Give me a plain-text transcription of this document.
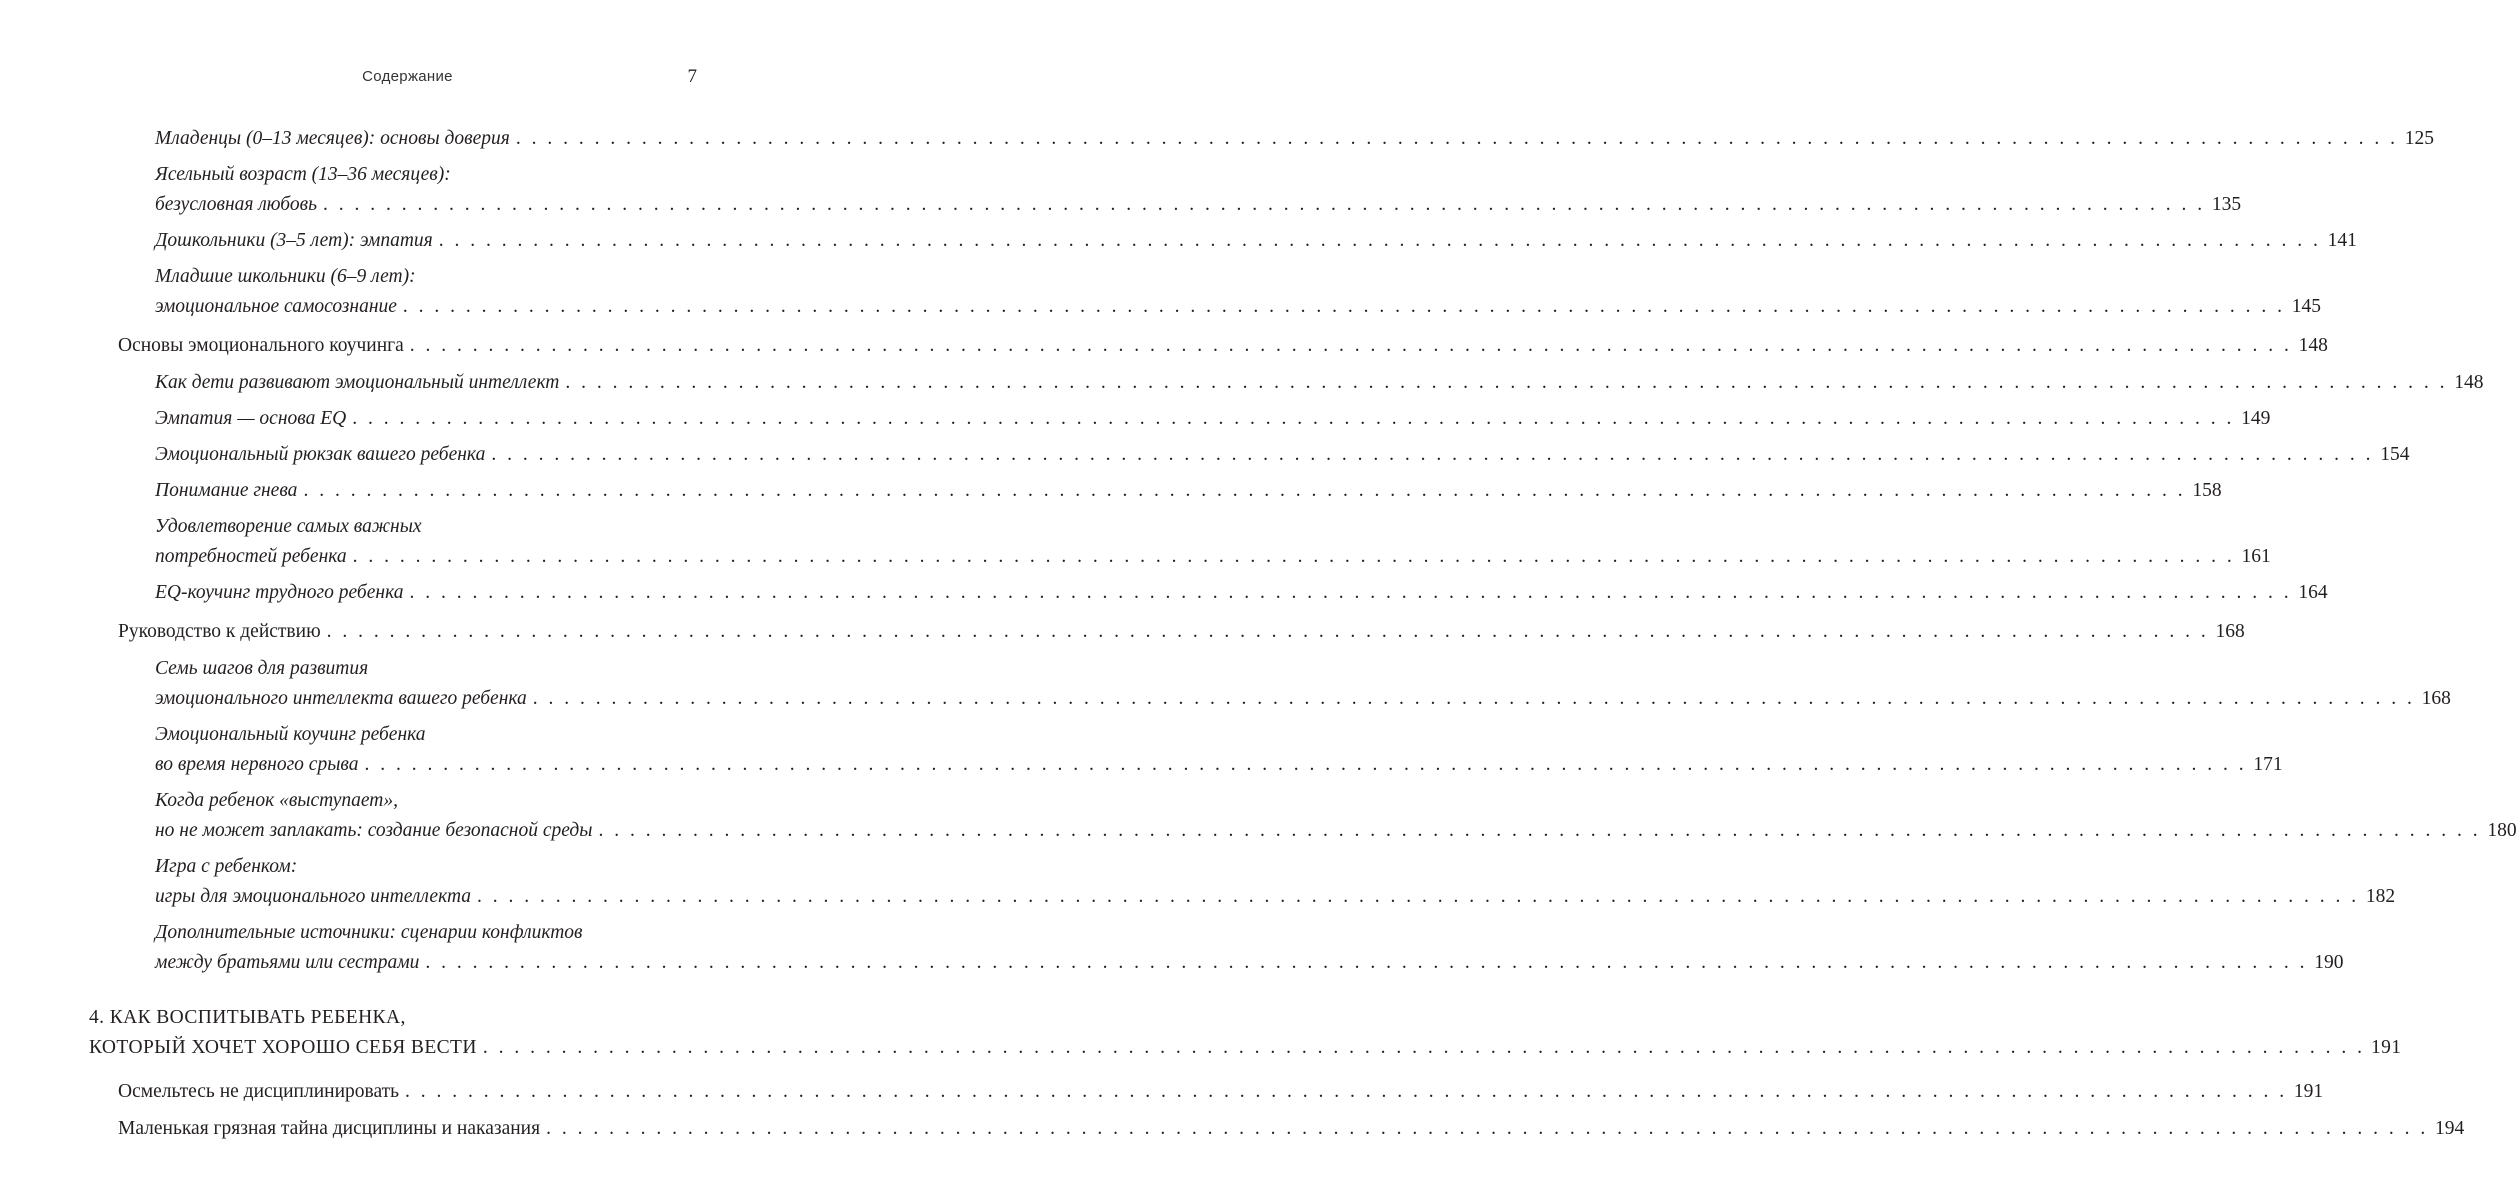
Содержание	7
Младенцы (0–13 месяцев): основы доверия . . . . . . . . . . . . . . . . . . . . . . . . . . . . . . . . . . . . . . . . . . . . . . . . . . . . . . . . . . . . . . . . . . . . . . . . . . . . . . . . . . . . . . . . . . . . . . . . . . . . . . . . . . . . . . . . . . . . . . . . 125
Ясельный возраст (13–36 месяцев):
безусловная любовь . . . . . . . . . . . . . . . . . . . . . . . . . . . . . . . . . . . . . . . . . . . . . . . . . . . . . . . . . . . . . . . . . . . . . . . . . . . . . . . . . . . . . . . . . . . . . . . . . . . . . . . . . . . . . . . . . . . . . . . . 135
Дошкольники (3–5 лет): эмпатия . . . . . . . . . . . . . . . . . . . . . . . . . . . . . . . . . . . . . . . . . . . . . . . . . . . . . . . . . . . . . . . . . . . . . . . . . . . . . . . . . . . . . . . . . . . . . . . . . . . . . . . . . . . . . . . . . . . . . . . . 141
Младшие школьники (6–9 лет):
эмоциональное самосознание . . . . . . . . . . . . . . . . . . . . . . . . . . . . . . . . . . . . . . . . . . . . . . . . . . . . . . . . . . . . . . . . . . . . . . . . . . . . . . . . . . . . . . . . . . . . . . . . . . . . . . . . . . . . . . . . . . . . . . . . 145
Основы эмоционального коучинга . . . . . . . . . . . . . . . . . . . . . . . . . . . . . . . . . . . . . . . . . . . . . . . . . . . . . . . . . . . . . . . . . . . . . . . . . . . . . . . . . . . . . . . . . . . . . . . . . . . . . . . . . . . . . . . . . . . . . . . . 148
Как дети развивают эмоциональный интеллект . . . . . . . . . . . . . . . . . . . . . . . . . . . . . . . . . . . . . . . . . . . . . . . . . . . . . . . . . . . . . . . . . . . . . . . . . . . . . . . . . . . . . . . . . . . . . . . . . . . . . . . . . . . . . . . . . . . . . . . . 148
Эмпатия — основа EQ . . . . . . . . . . . . . . . . . . . . . . . . . . . . . . . . . . . . . . . . . . . . . . . . . . . . . . . . . . . . . . . . . . . . . . . . . . . . . . . . . . . . . . . . . . . . . . . . . . . . . . . . . . . . . . . . . . . . . . . . 149
Эмоциональный рюкзак вашего ребенка . . . . . . . . . . . . . . . . . . . . . . . . . . . . . . . . . . . . . . . . . . . . . . . . . . . . . . . . . . . . . . . . . . . . . . . . . . . . . . . . . . . . . . . . . . . . . . . . . . . . . . . . . . . . . . . . . . . . . . . . 154
Понимание гнева . . . . . . . . . . . . . . . . . . . . . . . . . . . . . . . . . . . . . . . . . . . . . . . . . . . . . . . . . . . . . . . . . . . . . . . . . . . . . . . . . . . . . . . . . . . . . . . . . . . . . . . . . . . . . . . . . . . . . . . . 158
Удовлетворение самых важных
потребностей ребенка . . . . . . . . . . . . . . . . . . . . . . . . . . . . . . . . . . . . . . . . . . . . . . . . . . . . . . . . . . . . . . . . . . . . . . . . . . . . . . . . . . . . . . . . . . . . . . . . . . . . . . . . . . . . . . . . . . . . . . . . 161
EQ-коучинг трудного ребенка . . . . . . . . . . . . . . . . . . . . . . . . . . . . . . . . . . . . . . . . . . . . . . . . . . . . . . . . . . . . . . . . . . . . . . . . . . . . . . . . . . . . . . . . . . . . . . . . . . . . . . . . . . . . . . . . . . . . . . . . 164
Руководство к действию . . . . . . . . . . . . . . . . . . . . . . . . . . . . . . . . . . . . . . . . . . . . . . . . . . . . . . . . . . . . . . . . . . . . . . . . . . . . . . . . . . . . . . . . . . . . . . . . . . . . . . . . . . . . . . . . . . . . . . . . 168
Семь шагов для развития
эмоционального интеллекта вашего ребенка . . . . . . . . . . . . . . . . . . . . . . . . . . . . . . . . . . . . . . . . . . . . . . . . . . . . . . . . . . . . . . . . . . . . . . . . . . . . . . . . . . . . . . . . . . . . . . . . . . . . . . . . . . . . . . . . . . . . . . . . 168
Эмоциональный коучинг ребенка
во время нервного срыва . . . . . . . . . . . . . . . . . . . . . . . . . . . . . . . . . . . . . . . . . . . . . . . . . . . . . . . . . . . . . . . . . . . . . . . . . . . . . . . . . . . . . . . . . . . . . . . . . . . . . . . . . . . . . . . . . . . . . . . . 171
Когда ребенок «выступает»,
но не может заплакать: создание безопасной среды . . . . . . . . . . . . . . . . . . . . . . . . . . . . . . . . . . . . . . . . . . . . . . . . . . . . . . . . . . . . . . . . . . . . . . . . . . . . . . . . . . . . . . . . . . . . . . . . . . . . . . . . . . . . . . . . . . . . . . . . 180
Игра с ребенком:
игры для эмоционального интеллекта . . . . . . . . . . . . . . . . . . . . . . . . . . . . . . . . . . . . . . . . . . . . . . . . . . . . . . . . . . . . . . . . . . . . . . . . . . . . . . . . . . . . . . . . . . . . . . . . . . . . . . . . . . . . . . . . . . . . . . . . 182
Дополнительные источники: сценарии конфликтов
между братьями или сестрами . . . . . . . . . . . . . . . . . . . . . . . . . . . . . . . . . . . . . . . . . . . . . . . . . . . . . . . . . . . . . . . . . . . . . . . . . . . . . . . . . . . . . . . . . . . . . . . . . . . . . . . . . . . . . . . . . . . . . . . . 190
4. КАК ВОСПИТЫВАТЬ РЕБЕНКА,
КОТОРЫЙ ХОЧЕТ ХОРОШО СЕБЯ ВЕСТИ . . . . . . . . . . . . . . . . . . . . . . . . . . . . . . . . . . . . . . . . . . . . . . . . . . . . . . . . . . . . . . . . . . . . . . . . . . . . . . . . . . . . . . . . . . . . . . . . . . . . . . . . . . . . . . . . . . . . . . . . 191
Осмельтесь не дисциплинировать . . . . . . . . . . . . . . . . . . . . . . . . . . . . . . . . . . . . . . . . . . . . . . . . . . . . . . . . . . . . . . . . . . . . . . . . . . . . . . . . . . . . . . . . . . . . . . . . . . . . . . . . . . . . . . . . . . . . . . . . 191
Маленькая грязная тайна дисциплины и наказания . . . . . . . . . . . . . . . . . . . . . . . . . . . . . . . . . . . . . . . . . . . . . . . . . . . . . . . . . . . . . . . . . . . . . . . . . . . . . . . . . . . . . . . . . . . . . . . . . . . . . . . . . . . . . . . . . . . . . . . . 194
